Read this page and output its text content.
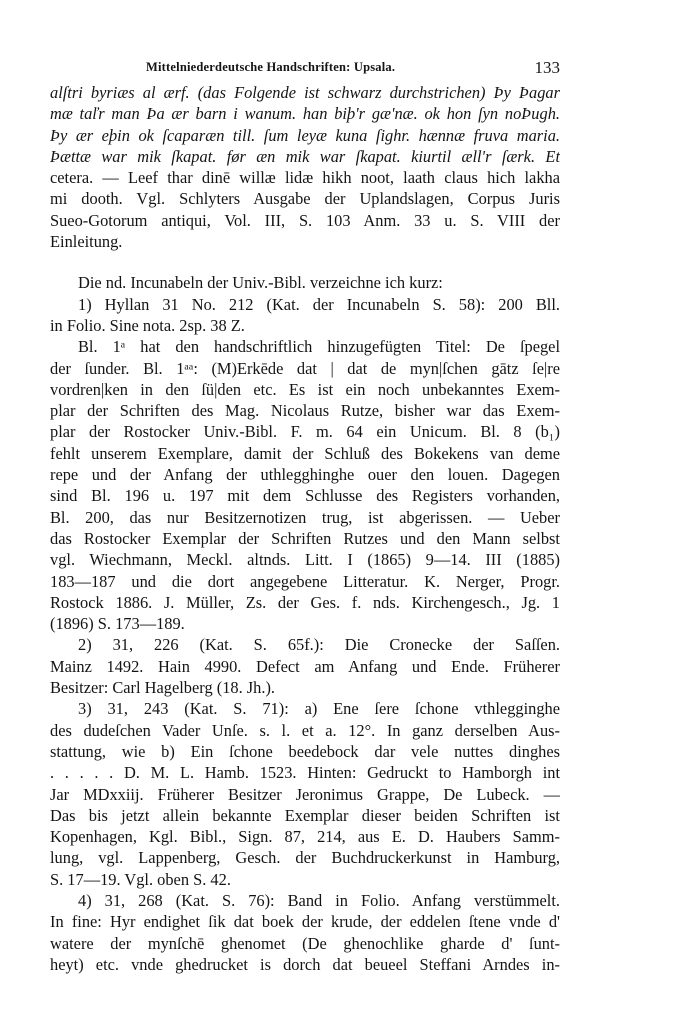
Mittelniederdeutsche Handschriften: Upsala.	133
alſtri byriæs al ærf. (das Folgende ist schwarz durchstrichen) Þy Þagar
mæ taľr man Þa ær barn i wanum. han biþ'r gæ'næ. ok hon ſyn noÞugh.
Þy ær eþin ok ſcaparæn till. ſum leyæ kuna ſighr. hænnæ fruva maria.
Þættæ war mik ſkapat. før æn mik war ſkapat. kiurtil æll'r ſærk. Et
cetera. — Leef thar dinē willæ lidæ hikh noot, laath claus hich lakha
mi dooth. Vgl. Schlyters Ausgabe der Uplandslagen, Corpus Juris
Sueo-Gotorum antiqui, Vol. III, S. 103 Anm. 33 u. S. VIII der
Einleitung.
Die nd. Incunabeln der Univ.-Bibl. verzeichne ich kurz:
1) Hyllan 31 No. 212 (Kat. der Incunabeln S. 58): 200 Bll.
in Folio. Sine nota. 2sp. 38 Z.
Bl. 1ᵃ hat den handschriftlich hinzugefügten Titel: De ſpegel
der ſunder. Bl. 1ᵃᵃ: (M)Erkēde dat | dat de myn|ſchen gātz ſe|re
vordren|ken in den ſü|den etc. Es ist ein noch unbekanntes Exem-
plar der Schriften des Mag. Nicolaus Rutze, bisher war das Exem-
plar der Rostocker Univ.-Bibl. F. m. 64 ein Unicum. Bl. 8 (b₁)
fehlt unserem Exemplare, damit der Schluß des Bokekens van deme
repe und der Anfang der uthlegghinghe ouer den louen. Dagegen
sind Bl. 196 u. 197 mit dem Schlusse des Registers vorhanden,
Bl. 200, das nur Besitzernotizen trug, ist abgerissen. — Ueber
das Rostocker Exemplar der Schriften Rutzes und den Mann selbst
vgl. Wiechmann, Meckl. altnds. Litt. I (1865) 9—14. III (1885)
183—187 und die dort angegebene Litteratur. K. Nerger, Progr.
Rostock 1886. J. Müller, Zs. der Ges. f. nds. Kirchengesch., Jg. 1
(1896) S. 173—189.
2) 31, 226 (Kat. S. 65f.): Die Cronecke der Saſſen.
Mainz 1492. Hain 4990. Defect am Anfang und Ende. Früherer
Besitzer: Carl Hagelberg (18. Jh.).
3) 31, 243 (Kat. S. 71): a) Ene ſere ſchone vthlegginghe
des dudeſchen Vader Unſe. s. l. et a. 12°. In ganz derselben Aus-
stattung, wie b) Ein ſchone beedebock dar vele nuttes dinghes
. . . . . D. M. L. Hamb. 1523. Hinten: Gedruckt to Hamborgh int
Jar MDxxiij. Früherer Besitzer Jeronimus Grappe, De Lubeck. —
Das bis jetzt allein bekannte Exemplar dieser beiden Schriften ist
Kopenhagen, Kgl. Bibl., Sign. 87, 214, aus E. D. Haubers Samm-
lung, vgl. Lappenberg, Gesch. der Buchdruckerkunst in Hamburg,
S. 17—19. Vgl. oben S. 42.
4) 31, 268 (Kat. S. 76): Band in Folio. Anfang verstümmelt.
In fine: Hyr endighet ſik dat boek der krude, der eddelen ſtene vnde d'
watere der mynſchē ghenomet (De ghenochlike gharde d' ſunt-
heyt) etc. vnde ghedrucket is dorch dat beueel Steffani Arndes in-
